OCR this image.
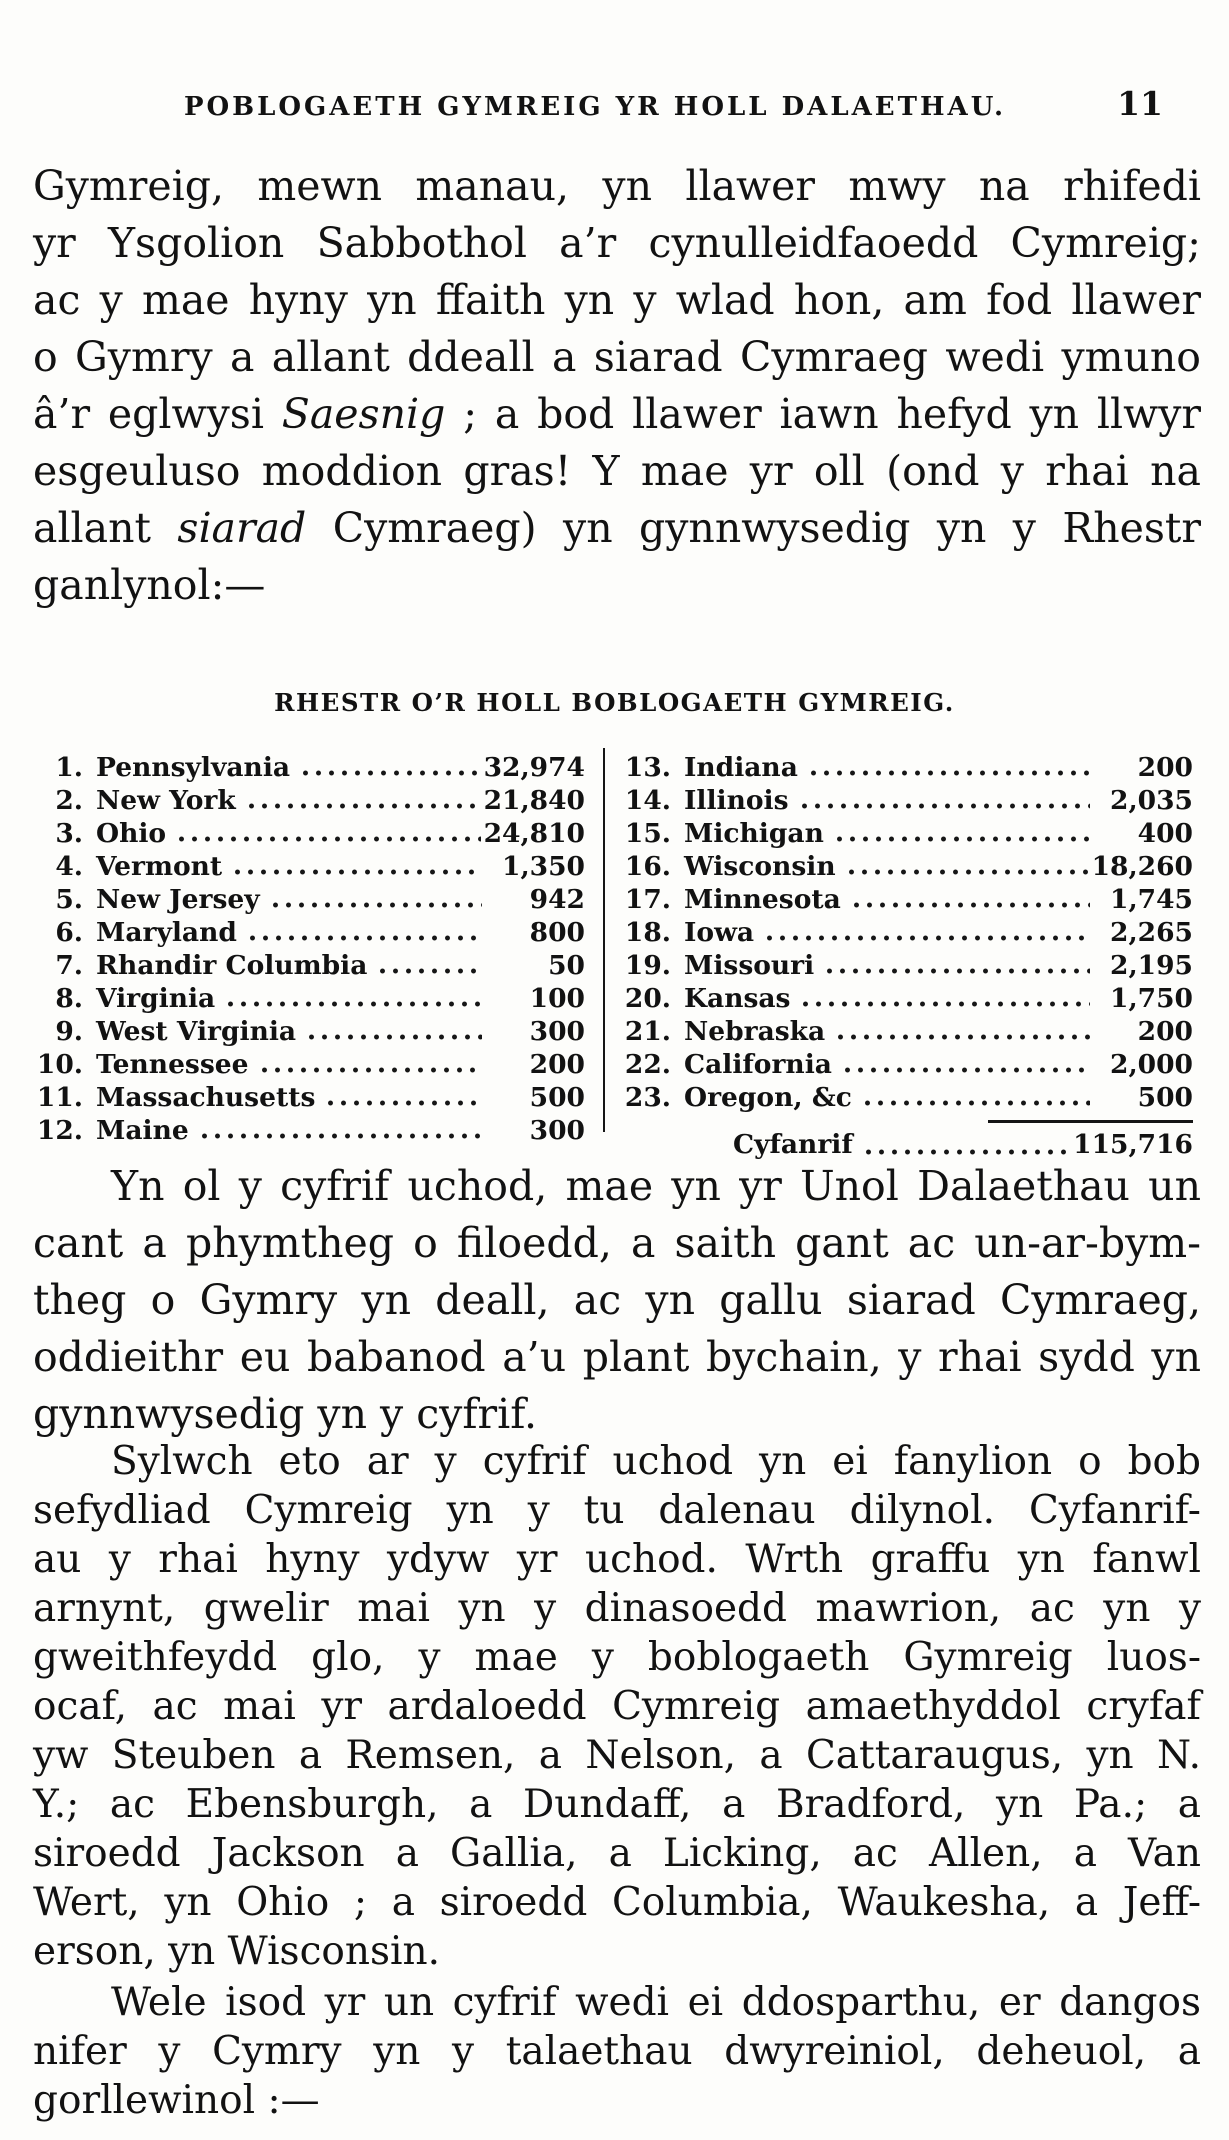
POBLOGAETH GYMREIG YR HOLL DALAETHAU.	11
Gymreig, mewn manau, yn llawer mwy na rhifedi
yr Ysgolion Sabbothol a’r cynulleidfaoedd Cymreig;
ac y mae hyny yn ffaith yn y wlad hon, am fod llawer
o Gymry a allant ddeall a siarad Cymraeg wedi ymuno
â’r eglwysi Saesnig ; a bod llawer iawn hefyd yn llwyr
esgeuluso moddion gras! Y mae yr oll (ond y rhai na
allant siarad Cymraeg) yn gynnwysedig yn y Rhestr
ganlynol:—
RHESTR O’R HOLL BOBLOGAETH GYMREIG.
1. Pennsylvania	32,974
2. New York	21,840
3. Ohio	24,810
4. Vermont	1,350
5. New Jersey	942
6. Maryland	800
7. Rhandir Columbia	50
8. Virginia	100
9. West Virginia	300
10. Tennessee	200
11. Massachusetts	500
12. Maine	300
13. Indiana	200
14. Illinois	2,035
15. Michigan	400
16. Wisconsin	18,260
17. Minnesota	1,745
18. Iowa	2,265
19. Missouri	2,195
20. Kansas	1,750
21. Nebraska	200
22. California	2,000
23. Oregon, &c	500
Cyfanrif	115,716
Yn ol y cyfrif uchod, mae yn yr Unol Dalaethau un
cant a phymtheg o filoedd, a saith gant ac un-ar-bym-
theg o Gymry yn deall, ac yn gallu siarad Cymraeg,
oddieithr eu babanod a’u plant bychain, y rhai sydd yn
gynnwysedig yn y cyfrif.
Sylwch eto ar y cyfrif uchod yn ei fanylion o bob
sefydliad Cymreig yn y tu dalenau dilynol. Cyfanrif-
au y rhai hyny ydyw yr uchod. Wrth graffu yn fanwl
arnynt, gwelir mai yn y dinasoedd mawrion, ac yn y
gweithfeydd glo, y mae y boblogaeth Gymreig luos-
ocaf, ac mai yr ardaloedd Cymreig amaethyddol cryfaf
yw Steuben a Remsen, a Nelson, a Cattaraugus, yn N.
Y.; ac Ebensburgh, a Dundaff, a Bradford, yn Pa.; a
siroedd Jackson a Gallia, a Licking, ac Allen, a Van
Wert, yn Ohio ; a siroedd Columbia, Waukesha, a Jeff-
erson, yn Wisconsin.
Wele isod yr un cyfrif wedi ei ddosparthu, er dangos
nifer y Cymry yn y talaethau dwyreiniol, deheuol, a
gorllewinol :—
